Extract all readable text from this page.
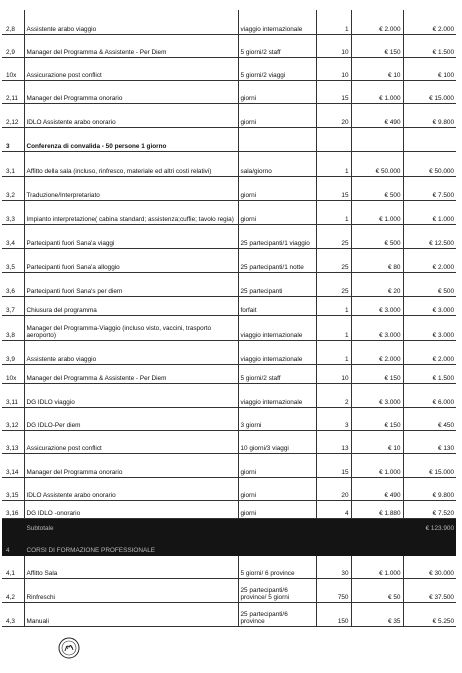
2,8	Assistente arabo viaggio	viaggio internazionale	1	€ 2.000	€ 2.000
2,9	Manager del Programma & Assistente - Per Diem	5 giorni/2 staff	10	€ 150	€ 1.500
10x	Assicurazione post conflict	5 giorni/2 viaggi	10	€ 10	€ 100
2,11	Manager del Programma onorario	giorni	15	€ 1.000	€ 15.000
2,12	IDLO Assistente arabo onorario	giorni	20	€ 490	€ 9.800
3	Conferenza di convalida - 50 persone 1 giorno				
3,1	Affitto della sala (incluso, rinfresco, materiale ed altri costi relativi)	sala/giorno	1	€ 50.000	€ 50.000
3,2	Traduzione/Interpretariato	giorni	15	€ 500	€ 7.500
3,3	Impianto interpretazione( cabina standard; assistenza;cuffie; tavolo regia)	giorni	1	€ 1.000	€ 1.000
3,4	Partecipanti fuori Sana'a viaggi	25 partecipanti/1 viaggio	25	€ 500	€ 12.500
3,5	Partecipanti fuori Sana'a alloggio	25 partecipanti/1 notte	25	€ 80	€ 2.000
3,6	Partecipanti fuori Sana's per diem	25 partecipanti	25	€ 20	€ 500
3,7	Chiusura del programma	forfait	1	€ 3.000	€ 3.000
3,8	Manager del Programma-Viaggio (incluso visto, vaccini, trasporto aeroporto)	viaggio internazionale	1	€ 3.000	€ 3.000
3,9	Assistente arabo viaggio	viaggio internazionale	1	€ 2.000	€ 2.000
10x	Manager del Programma & Assistente - Per Diem	5 giorni/2 staff	10	€ 150	€ 1.500
3,11	DG IDLO viaggio	viaggio internazionale	2	€ 3.000	€ 6.000
3,12	DG IDLO-Per diem	3 giorni	3	€ 150	€ 450
3,13	Assicurazione post conflict	10 giorni/3 viaggi	13	€ 10	€ 130
3,14	Manager del Programma onorario	giorni	15	€ 1.000	€ 15.000
3,15	IDLO Assistente arabo onorario	giorni	20	€ 490	€ 9.800
3,16	DG IDLO -onorario	giorni	4	€ 1.880	€ 7.520
	Subtotale				€ 123.900
4	CORSI DI FORMAZIONE PROFESSIONALE				
4,1	Affitto Sala	5 giorni/ 6 province	30	€ 1.000	€ 30.000
4,2	Rinfreschi	25 partecipanti/6 province/ 5 giorni	750	€ 50	€ 37.500
4,3	Manuali	25 partecipanti/6 province	150	€ 35	€ 5.250
